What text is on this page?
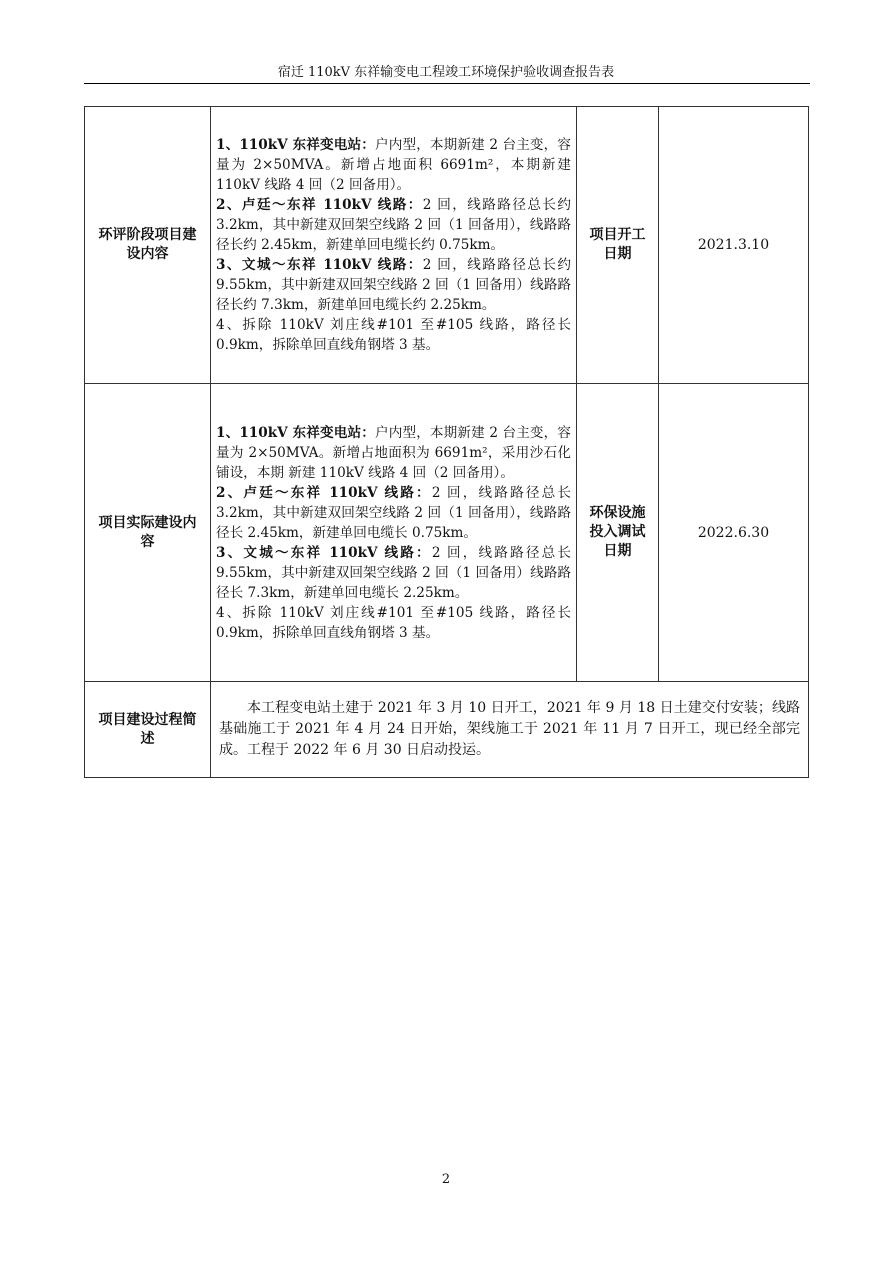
宿迁 110kV 东祥输变电工程竣工环境保护验收调查报告表
环评阶段项目建设内容	1、110kV 东祥变电站：户内型，本期新建 2 台主变，容量为 2×50MVA。新增占地面积 6691m²，本期新建 110kV 线路 4 回（2 回备用）。

2、卢廷～东祥 110kV 线路：2 回，线路路径总长约 3.2km，其中新建双回架空线路 2 回（1 回备用），线路路径长约 2.45km，新建单回电缆长约 0.75km。

3、文城～东祥 110kV 线路：2 回，线路路径总长约 9.55km，其中新建双回架空线路 2 回（1 回备用）线路路径长约 7.3km，新建单回电缆长约 2.25km。

4、拆除 110kV 刘庄线#101 至#105 线路，路径长 0.9km，拆除单回直线角钢塔 3 基。	项目开工日期	2021.3.10
项目实际建设内容	1、110kV 东祥变电站：户内型，本期新建 2 台主变，容量为 2×50MVA。新增占地面积为 6691m²，采用沙石化铺设，本期 新建 110kV 线路 4 回（2 回备用）。

2、卢廷～东祥 110kV 线路：2 回，线路路径总长 3.2km，其中新建双回架空线路 2 回（1 回备用），线路路径长 2.45km，新建单回电缆长 0.75km。

3、文城～东祥 110kV 线路：2 回，线路路径总长 9.55km，其中新建双回架空线路 2 回（1 回备用）线路路径长 7.3km，新建单回电缆长 2.25km。

4、拆除 110kV 刘庄线#101 至#105 线路，路径长 0.9km，拆除单回直线角钢塔 3 基。	环保设施投入调试日期	2022.6.30
项目建设过程简述	本工程变电站土建于 2021 年 3 月 10 日开工，2021 年 9 月 18 日土建交付安装；线路基础施工于 2021 年 4 月 24 日开始，架线施工于 2021 年 11 月 7 日开工，现已经全部完成。工程于 2022 年 6 月 30 日启动投运。		
2
